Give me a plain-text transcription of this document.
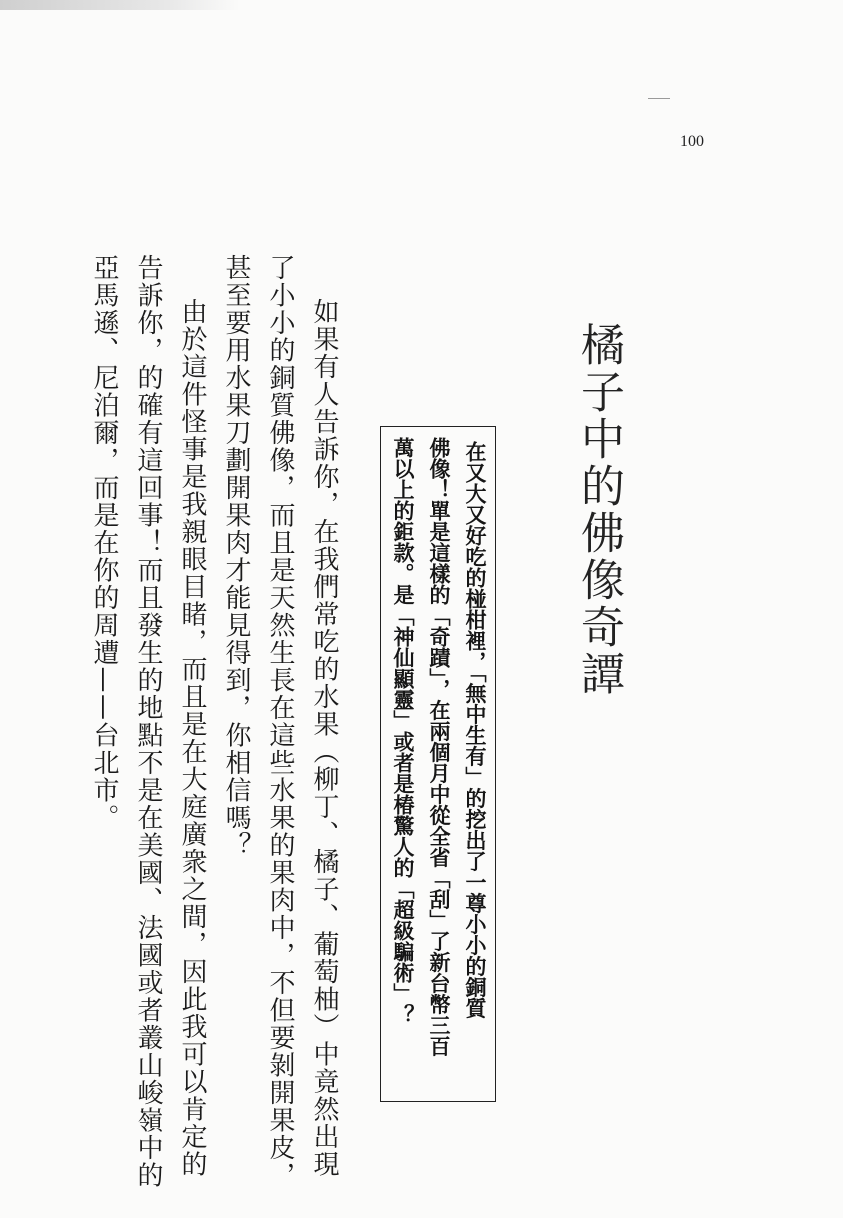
100
橘子中的佛像奇譚
在又大又好吃的椪柑裡，「無中生有」的挖出了一尊小小的銅質
佛像！單是這樣的「奇蹟」，在兩個月中從全省「刮」了新台幣三百
萬以上的鉅款。是「神仙顯靈」或者是椿驚人的「超級騙術」？
如果有人告訴你，在我們常吃的水果（柳丁、橘子、葡萄柚）中竟然出現
了小小的銅質佛像，而且是天然生長在這些水果的果肉中，不但要剝開果皮，
甚至要用水果刀劃開果肉才能見得到，你相信嗎？
由於這件怪事是我親眼目睹，而且是在大庭廣衆之間，因此我可以肯定的
告訴你，的確有這回事！而且發生的地點不是在美國、法國或者叢山峻嶺中的
亞馬遜、尼泊爾，而是在你的周遭——台北市。
